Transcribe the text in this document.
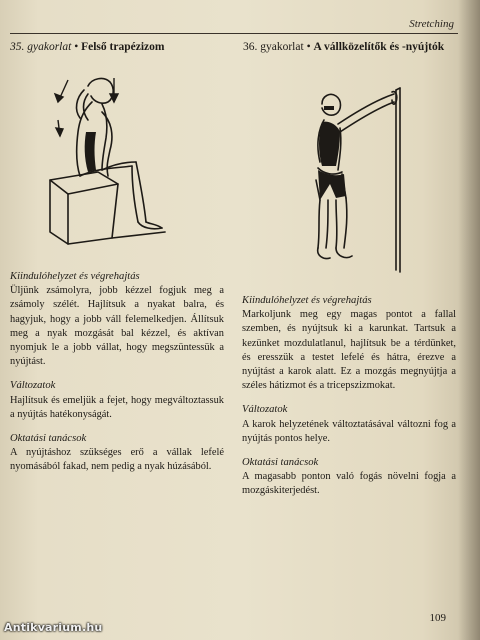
Stretching
35. gyakorlat • Felső trapézizom	36. gyakorlat • A vállközelítők és -nyújtók
Kiindulóhelyzet és végrehajtás

Üljünk zsámolyra, jobb kézzel fogjuk meg a zsámoly szélét. Hajlítsuk a nyakat balra, és hagyjuk, hogy a jobb váll felemelkedjen. Állítsuk meg a nyak mozgását bal kézzel, és aktívan nyomjuk le a jobb vállat, hogy megszüntessük a nyújtást.

Változatok

Hajlítsuk és emeljük a fejet, hogy megváltoztassuk a nyújtás hatékonyságát.

Oktatási tanácsok

A nyújtáshoz szükséges erő a vállak lefelé nyomásából fakad, nem pedig a nyak húzásából.

Kiindulóhelyzet és végrehajtás

Markoljunk meg egy magas pontot a fallal szemben, és nyújtsuk ki a karunkat. Tartsuk a kezünket mozdulatlanul, hajlítsuk be a térdünket, és eresszük a testet lefelé és hátra, érezve a nyújtást a karok alatt. Ez a mozgás megnyújtja a széles hátizmot és a tricepszizmokat.

Változatok

A karok helyzetének változtatásával változni fog a nyújtás pontos helye.

Oktatási tanácsok

A magasabb ponton való fogás növelni fogja a mozgáskiterjedést.

109
Antikvarium.hu
